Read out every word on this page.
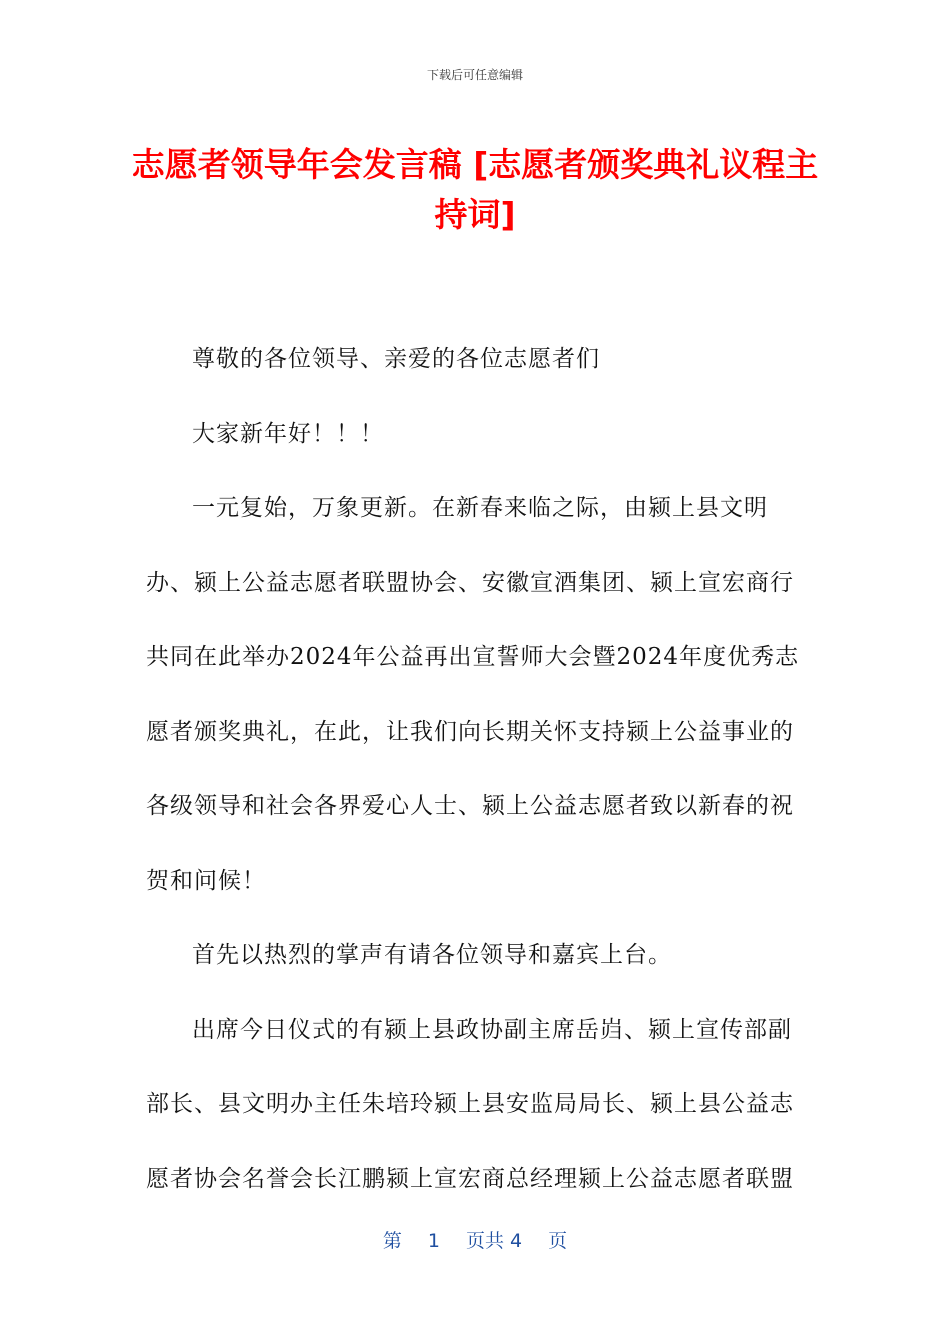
下载后可任意编辑
志愿者领导年会发言稿 [志愿者颁奖典礼议程主持词]

尊敬的各位领导、亲爱的各位志愿者们

大家新年好！！！

一元复始，万象更新。在新春来临之际，由颍上县文明办、颍上公益志愿者联盟协会、安徽宣酒集团、颍上宣宏商行共同在此举办2024年公益再出宣誓师大会暨2024年度优秀志愿者颁奖典礼，在此，让我们向长期关怀支持颍上公益事业的各级领导和社会各界爱心人士、颍上公益志愿者致以新春的祝贺和问候！

首先以热烈的掌声有请各位领导和嘉宾上台。

出席今日仪式的有颍上县政协副主席岳岿、颍上宣传部副部长、县文明办主任朱培玲颍上县安监局局长、颍上县公益志愿者协会名誉会长江鹏颍上宣宏商总经理颍上公益志愿者联盟

第 1 页共 4 页
